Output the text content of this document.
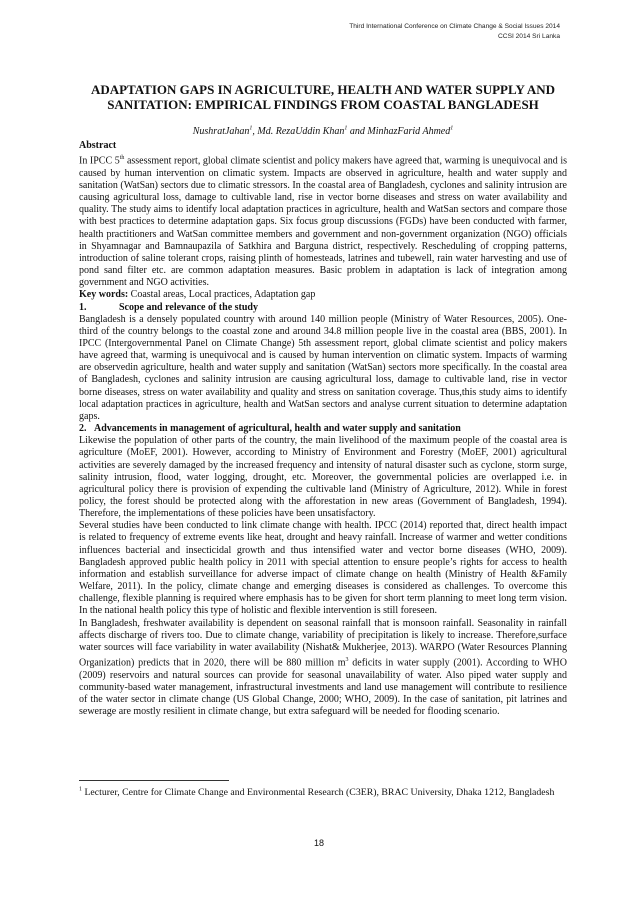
Third International Conference on Climate Change & Social Issues 2014
CCSI 2014 Sri Lanka
ADAPTATION GAPS IN AGRICULTURE, HEALTH AND WATER SUPPLY AND SANITATION: EMPIRICAL FINDINGS FROM COASTAL BANGLADESH
NushratJahan$^1$, Md. RezaUddin Khan$^1$ and MinhazFarid Ahmed$^1$
Abstract

In IPCC 5th assessment report, global climate scientist and policy makers have agreed that, warming is unequivocal and is caused by human intervention on climatic system. Impacts are observed in agriculture, health and water supply and sanitation (WatSan) sectors due to climatic stressors. In the coastal area of Bangladesh, cyclones and salinity intrusion are causing agricultural loss, damage to cultivable land, rise in vector borne diseases and stress on water availability and quality. The study aims to identify local adaptation practices in agriculture, health and WatSan sectors and compare those with best practices to determine adaptation gaps. Six focus group discussions (FGDs) have been conducted with farmer, health practitioners and WatSan committee members and government and non-government organization (NGO) officials in Shyamnagar and Bamnaupazila of Satkhira and Barguna district, respectively. Rescheduling of cropping patterns, introduction of saline tolerant crops, raising plinth of homesteads, latrines and tubewell, rain water harvesting and use of pond sand filter etc. are common adaptation measures. Basic problem in adaptation is lack of integration among government and NGO activities.

Key words: Coastal areas, Local practices, Adaptation gap

1.	Scope and relevance of the study

Bangladesh is a densely populated country with around 140 million people (Ministry of Water Resources, 2005). One-third of the country belongs to the coastal zone and around 34.8 million people live in the coastal area (BBS, 2001). In IPCC (Intergovernmental Panel on Climate Change) 5th assessment report, global climate scientist and policy makers have agreed that, warming is unequivocal and is caused by human intervention on climatic system. Impacts of warming are observedin agriculture, health and water supply and sanitation (WatSan) sectors more specifically. In the coastal area of Bangladesh, cyclones and salinity intrusion are causing agricultural loss, damage to cultivable land, rise in vector borne diseases, stress on water availability and quality and stress on sanitation coverage. Thus,this study aims to identify local adaptation practices in agriculture, health and WatSan sectors and analyse current situation to determine adaptation gaps.

2. Advancements in management of agricultural, health and water supply and sanitation

Likewise the population of other parts of the country, the main livelihood of the maximum people of the coastal area is agriculture (MoEF, 2001). However, according to Ministry of Environment and Forestry (MoEF, 2001) agricultural activities are severely damaged by the increased frequency and intensity of natural disaster such as cyclone, storm surge, salinity intrusion, flood, water logging, drought, etc. Moreover, the governmental policies are overlapped i.e. in agricultural policy there is provision of expending the cultivable land (Ministry of Agriculture, 2012). While in forest policy, the forest should be protected along with the afforestation in new areas (Government of Bangladesh, 1994). Therefore, the implementations of these policies have been unsatisfactory.

Several studies have been conducted to link climate change with health. IPCC (2014) reported that, direct health impact is related to frequency of extreme events like heat, drought and heavy rainfall. Increase of warmer and wetter conditions influences bacterial and insecticidal growth and thus intensified water and vector borne diseases (WHO, 2009). Bangladesh approved public health policy in 2011 with special attention to ensure people’s rights for access to health information and establish surveillance for adverse impact of climate change on health (Ministry of Health &Family Welfare, 2011). In the policy, climate change and emerging diseases is considered as challenges. To overcome this challenge, flexible planning is required where emphasis has to be given for short term planning to meet long term vision. In the national health policy this type of holistic and flexible intervention is still foreseen.

In Bangladesh, freshwater availability is dependent on seasonal rainfall that is monsoon rainfall. Seasonality in rainfall affects discharge of rivers too. Due to climate change, variability of precipitation is likely to increase. Therefore,surface water sources will face variability in water availability (Nishat& Mukherjee, 2013). WARPO (Water Resources Planning Organization) predicts that in 2020, there will be 880 million $m^3$ deficits in water supply (2001). According to WHO (2009) reservoirs and natural sources can provide for seasonal unavailability of water. Also piped water supply and community-based water management, infrastructural investments and land use management will contribute to resilience of the water sector in climate change (US Global Change, 2000; WHO, 2009). In the case of sanitation, pit latrines and sewerage are mostly resilient in climate change, but extra safeguard will be needed for flooding scenario.

$^1$ Lecturer, Centre for Climate Change and Environmental Research (C3ER), BRAC University, Dhaka 1212, Bangladesh
18
